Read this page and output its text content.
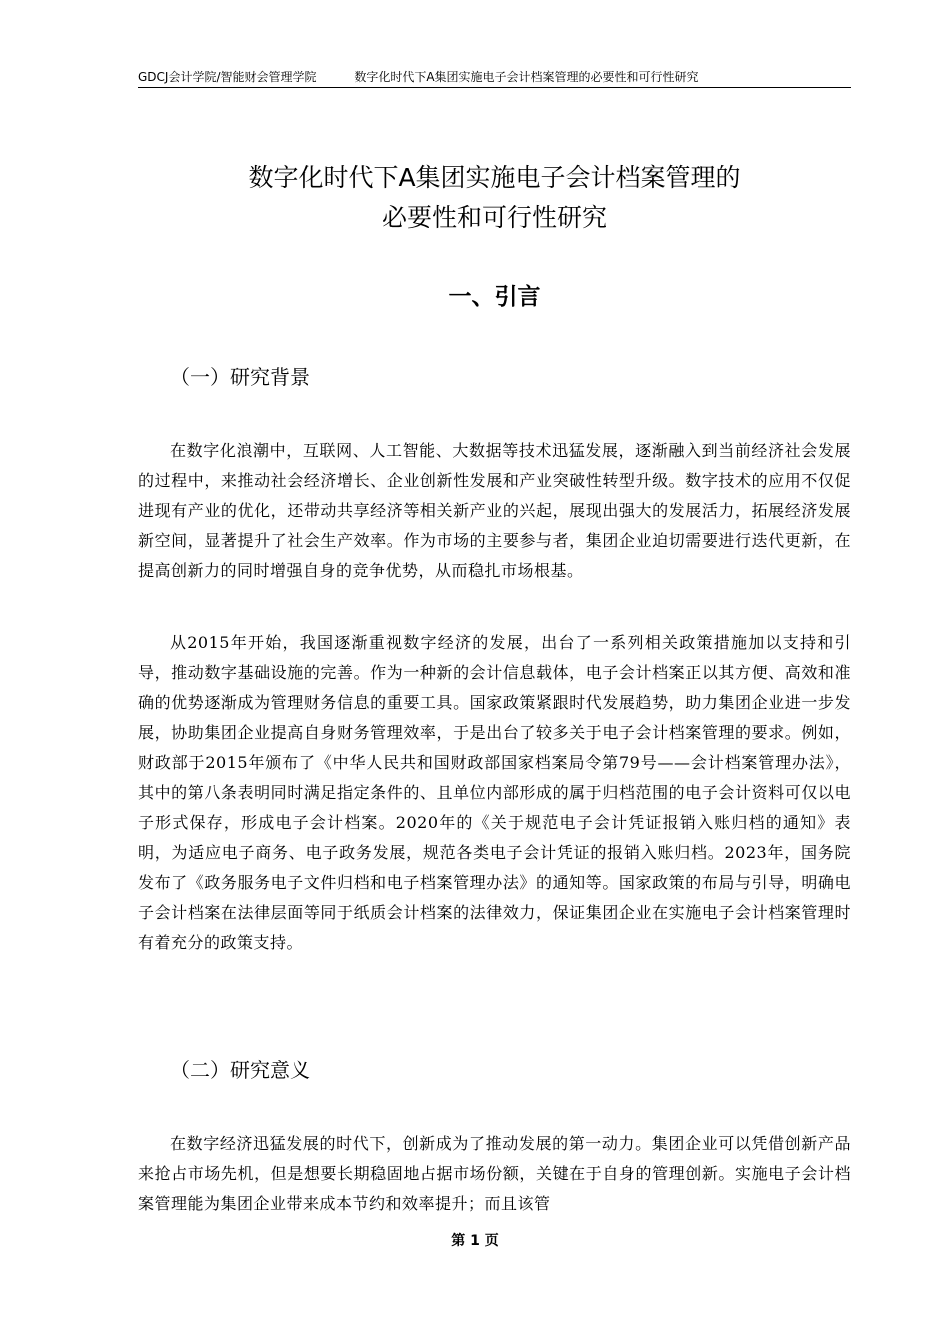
GDCJ会计学院/智能财会管理学院	数字化时代下A集团实施电子会计档案管理的必要性和可行性研究
数字化时代下A集团实施电子会计档案管理的
必要性和可行性研究
一、引言
（一）研究背景

在数字化浪潮中，互联网、人工智能、大数据等技术迅猛发展，逐渐融入到当前经济社会发展的过程中，来推动社会经济增长、企业创新性发展和产业突破性转型升级。数字技术的应用不仅促进现有产业的优化，还带动共享经济等相关新产业的兴起，展现出强大的发展活力，拓展经济发展新空间，显著提升了社会生产效率。作为市场的主要参与者，集团企业迫切需要进行迭代更新，在提高创新力的同时增强自身的竞争优势，从而稳扎市场根基。

从2015年开始，我国逐渐重视数字经济的发展，出台了一系列相关政策措施加以支持和引导，推动数字基础设施的完善。作为一种新的会计信息载体，电子会计档案正以其方便、高效和准确的优势逐渐成为管理财务信息的重要工具。国家政策紧跟时代发展趋势，助力集团企业进一步发展，协助集团企业提高自身财务管理效率，于是出台了较多关于电子会计档案管理的要求。例如，财政部于2015年颁布了《中华人民共和国财政部国家档案局令第79号——会计档案管理办法》，其中的第八条表明同时满足指定条件的、且单位内部形成的属于归档范围的电子会计资料可仅以电子形式保存，形成电子会计档案。2020年的《关于规范电子会计凭证报销入账归档的通知》表明，为适应电子商务、电子政务发展，规范各类电子会计凭证的报销入账归档。2023年，国务院发布了《政务服务电子文件归档和电子档案管理办法》的通知等。国家政策的布局与引导，明确电子会计档案在法律层面等同于纸质会计档案的法律效力，保证集团企业在实施电子会计档案管理时有着充分的政策支持。

（二）研究意义

在数字经济迅猛发展的时代下，创新成为了推动发展的第一动力。集团企业可以凭借创新产品来抢占市场先机，但是想要长期稳固地占据市场份额，关键在于自身的管理创新。实施电子会计档案管理能为集团企业带来成本节约和效率提升；而且该管

第 1 页
